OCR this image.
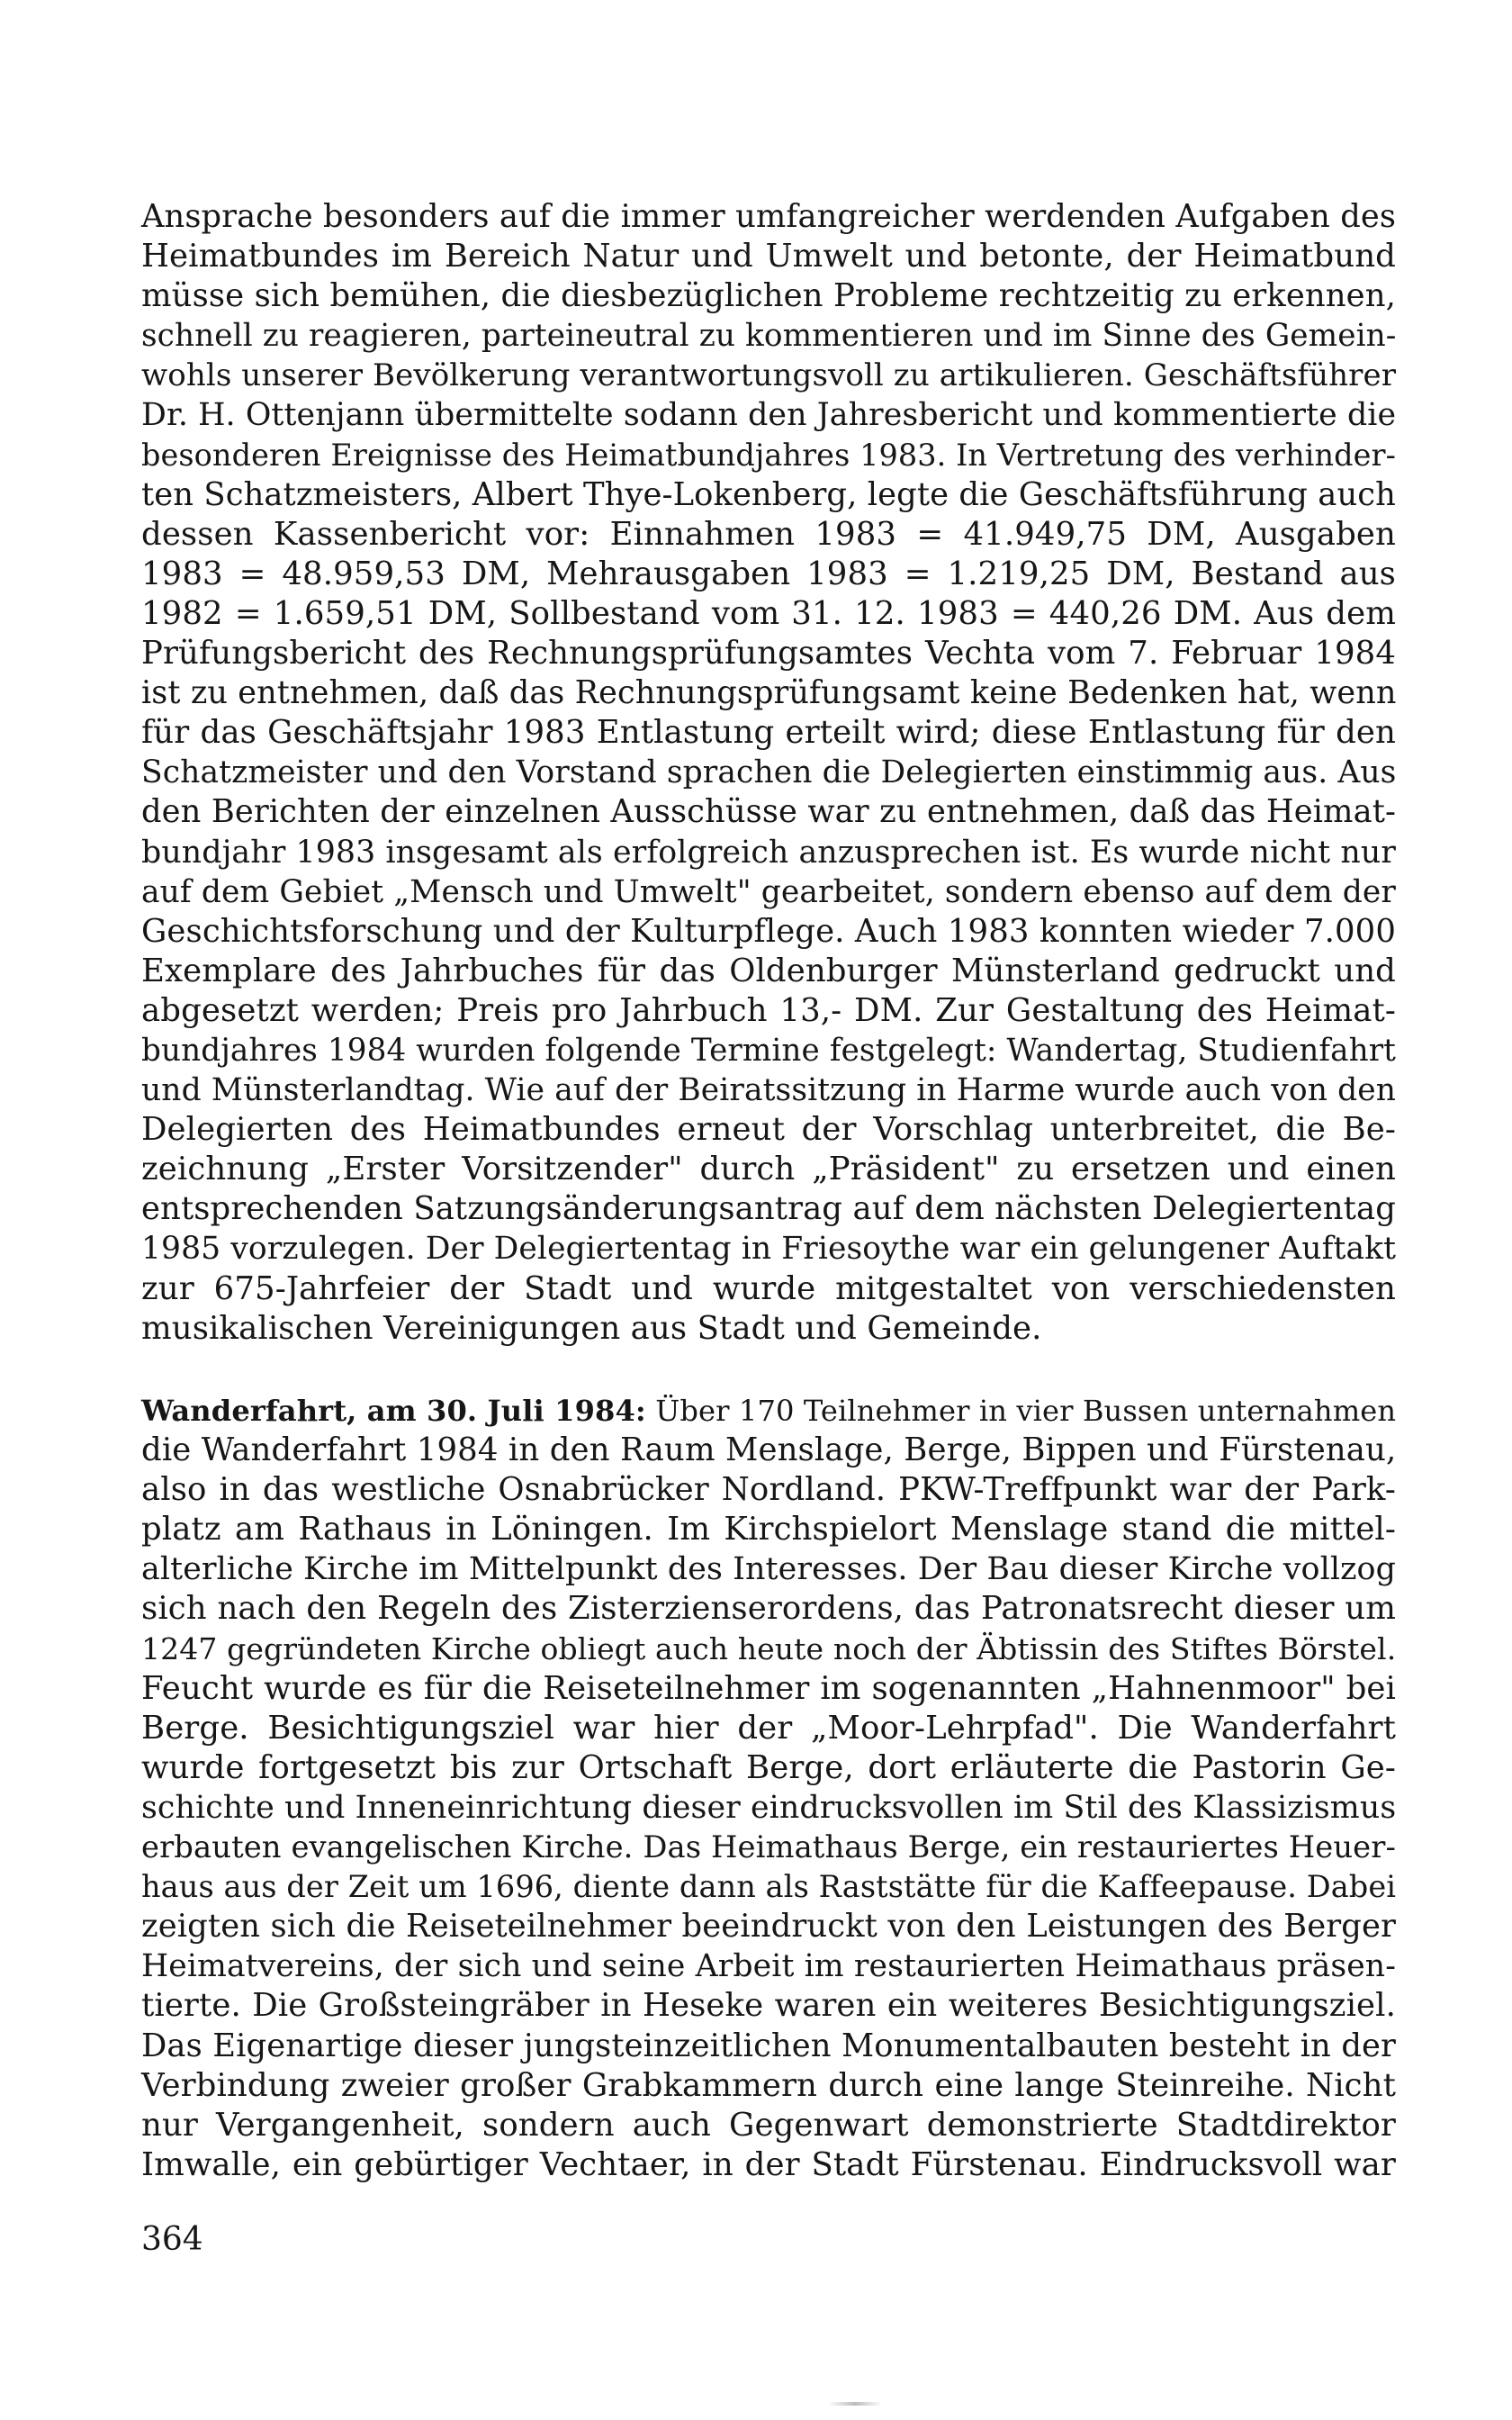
Ansprache besonders auf die immer umfangreicher werdenden Aufgaben des
Heimatbundes im Bereich Natur und Umwelt und betonte, der Heimatbund
müsse sich bemühen, die diesbezüglichen Probleme rechtzeitig zu erkennen,
schnell zu reagieren, parteineutral zu kommentieren und im Sinne des Gemein-
wohls unserer Bevölkerung verantwortungsvoll zu artikulieren. Geschäftsführer
Dr. H. Ottenjann übermittelte sodann den Jahresbericht und kommentierte die
besonderen Ereignisse des Heimatbundjahres 1983. In Vertretung des verhinder-
ten Schatzmeisters, Albert Thye-Lokenberg, legte die Geschäftsführung auch
dessen Kassenbericht vor: Einnahmen 1983 = 41.949,75 DM, Ausgaben
1983 = 48.959,53 DM, Mehrausgaben 1983 = 1.219,25 DM, Bestand aus
1982 = 1.659,51 DM, Sollbestand vom 31. 12. 1983 = 440,26 DM. Aus dem
Prüfungsbericht des Rechnungsprüfungsamtes Vechta vom 7. Februar 1984
ist zu entnehmen, daß das Rechnungsprüfungsamt keine Bedenken hat, wenn
für das Geschäftsjahr 1983 Entlastung erteilt wird; diese Entlastung für den
Schatzmeister und den Vorstand sprachen die Delegierten einstimmig aus. Aus
den Berichten der einzelnen Ausschüsse war zu entnehmen, daß das Heimat-
bundjahr 1983 insgesamt als erfolgreich anzusprechen ist. Es wurde nicht nur
auf dem Gebiet „Mensch und Umwelt" gearbeitet, sondern ebenso auf dem der
Geschichtsforschung und der Kulturpflege. Auch 1983 konnten wieder 7.000
Exemplare des Jahrbuches für das Oldenburger Münsterland gedruckt und
abgesetzt werden; Preis pro Jahrbuch 13,- DM. Zur Gestaltung des Heimat-
bundjahres 1984 wurden folgende Termine festgelegt: Wandertag, Studienfahrt
und Münsterlandtag. Wie auf der Beiratssitzung in Harme wurde auch von den
Delegierten des Heimatbundes erneut der Vorschlag unterbreitet, die Be-
zeichnung „Erster Vorsitzender" durch „Präsident" zu ersetzen und einen
entsprechenden Satzungsänderungsantrag auf dem nächsten Delegiertentag
1985 vorzulegen. Der Delegiertentag in Friesoythe war ein gelungener Auftakt
zur 675-Jahrfeier der Stadt und wurde mitgestaltet von verschiedensten
musikalischen Vereinigungen aus Stadt und Gemeinde.
Wanderfahrt, am 30. Juli 1984: Über 170 Teilnehmer in vier Bussen unternahmen
die Wanderfahrt 1984 in den Raum Menslage, Berge, Bippen und Fürstenau,
also in das westliche Osnabrücker Nordland. PKW-Treffpunkt war der Park-
platz am Rathaus in Löningen. Im Kirchspielort Menslage stand die mittel-
alterliche Kirche im Mittelpunkt des Interesses. Der Bau dieser Kirche vollzog
sich nach den Regeln des Zisterzienserordens, das Patronatsrecht dieser um
1247 gegründeten Kirche obliegt auch heute noch der Äbtissin des Stiftes Börstel.
Feucht wurde es für die Reiseteilnehmer im sogenannten „Hahnenmoor" bei
Berge. Besichtigungsziel war hier der „Moor-Lehrpfad". Die Wanderfahrt
wurde fortgesetzt bis zur Ortschaft Berge, dort erläuterte die Pastorin Ge-
schichte und Inneneinrichtung dieser eindrucksvollen im Stil des Klassizismus
erbauten evangelischen Kirche. Das Heimathaus Berge, ein restauriertes Heuer-
haus aus der Zeit um 1696, diente dann als Raststätte für die Kaffeepause. Dabei
zeigten sich die Reiseteilnehmer beeindruckt von den Leistungen des Berger
Heimatvereins, der sich und seine Arbeit im restaurierten Heimathaus präsen-
tierte. Die Großsteingräber in Heseke waren ein weiteres Besichtigungsziel.
Das Eigenartige dieser jungsteinzeitlichen Monumentalbauten besteht in der
Verbindung zweier großer Grabkammern durch eine lange Steinreihe. Nicht
nur Vergangenheit, sondern auch Gegenwart demonstrierte Stadtdirektor
Imwalle, ein gebürtiger Vechtaer, in der Stadt Fürstenau. Eindrucksvoll war
364
